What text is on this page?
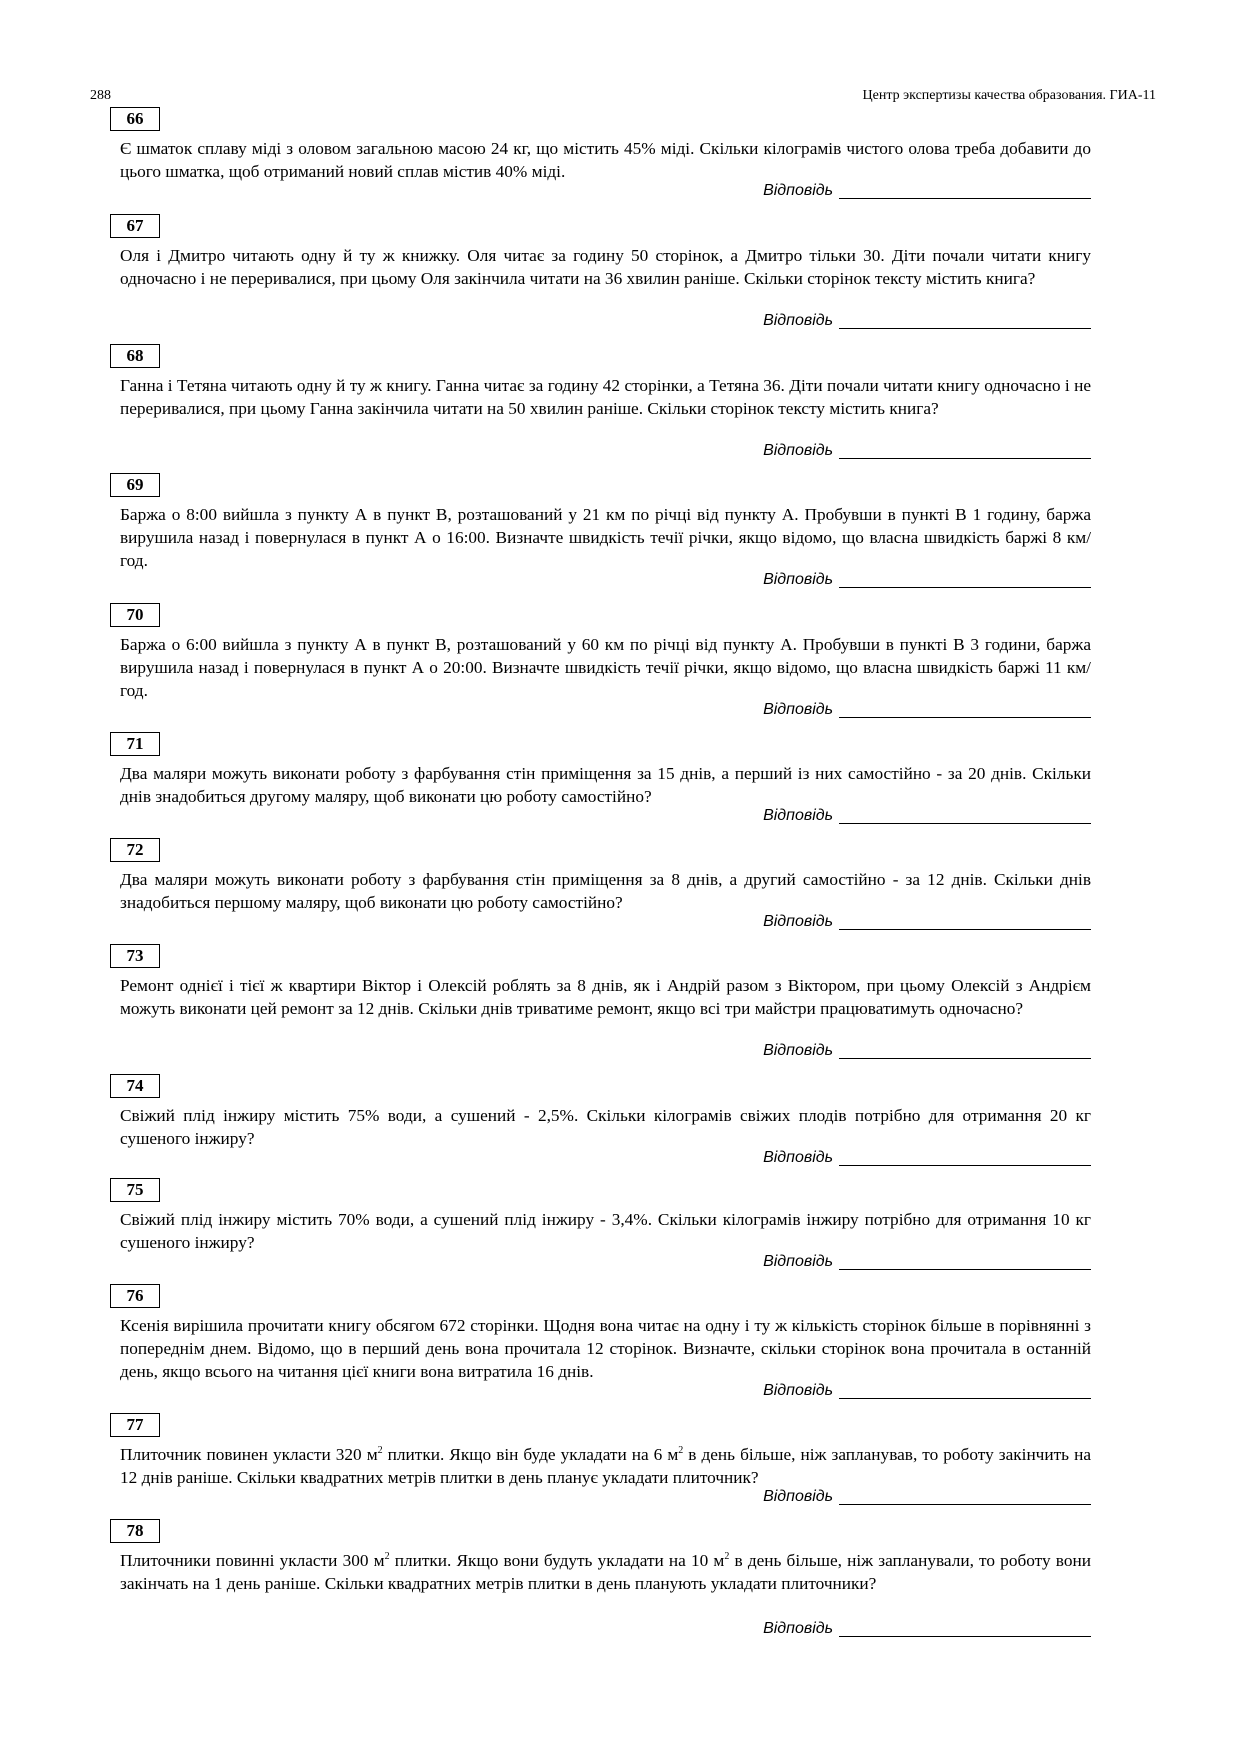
288	Центр экспертизы качества образования. ГИА-11
66

Є шматок сплаву міді з оловом загальною масою 24 кг, що містить 45% міді. Скільки кілограмів чистого олова треба добавити до цього шматка, щоб отриманий новий сплав містив 40% міді.

Відповідь
67

Оля і Дмитро читають одну й ту ж книжку. Оля читає за годину 50 сторінок, а Дмитро тільки 30. Діти почали читати книгу одночасно і не переривалися, при цьому Оля закінчила читати на 36 хвилин раніше. Скільки сторінок тексту містить книга?

Відповідь
68

Ганна і Тетяна читають одну й ту ж книгу. Ганна читає за годину 42 сторінки, а Тетяна 36. Діти почали читати книгу одночасно і не переривалися, при цьому Ганна закінчила читати на 50 хвилин раніше. Скільки сторінок тексту містить книга?

Відповідь
69

Баржа о 8:00 вийшла з пункту А в пункт В, розташований у 21 км по річці від пункту А. Пробувши в пункті В 1 годину, баржа вирушила назад і повернулася в пункт А о 16:00. Визначте швидкість течії річки, якщо відомо, що власна швидкість баржі 8 км/год.

Відповідь
70

Баржа о 6:00 вийшла з пункту А в пункт В, розташований у 60 км по річці від пункту А. Пробувши в пункті В 3 години, баржа вирушила назад і повернулася в пункт А о 20:00. Визначте швидкість течії річки, якщо відомо, що власна швидкість баржі 11 км/год.

Відповідь
71

Два маляри можуть виконати роботу з фарбування стін приміщення за 15 днів, а перший із них самостійно - за 20 днів. Скільки днів знадобиться другому маляру, щоб виконати цю роботу самостійно?

Відповідь
72

Два маляри можуть виконати роботу з фарбування стін приміщення за 8 днів, а другий самостійно - за 12 днів. Скільки днів знадобиться першому маляру, щоб виконати цю роботу самостійно?

Відповідь
73

Ремонт однієї і тієї ж квартири Віктор і Олексій роблять за 8 днів, як і Андрій разом з Віктором, при цьому Олексій з Андрієм можуть виконати цей ремонт за 12 днів. Скільки днів триватиме ремонт, якщо всі три майстри працюватимуть одночасно?

Відповідь
74

Свіжий плід інжиру містить 75% води, а сушений - 2,5%. Скільки кілограмів свіжих плодів потрібно для отримання 20 кг сушеного інжиру?

Відповідь
75

Свіжий плід інжиру містить 70% води, а сушений плід інжиру - 3,4%. Скільки кілограмів інжиру потрібно для отримання 10 кг сушеного інжиру?

Відповідь
76

Ксенія вирішила прочитати книгу обсягом 672 сторінки. Щодня вона читає на одну і ту ж кількість сторінок більше в порівнянні з попереднім днем. Відомо, що в перший день вона прочитала 12 сторінок. Визначте, скільки сторінок вона прочитала в останній день, якщо всього на читання цієї книги вона витратила 16 днів.

Відповідь
77

Плиточник повинен укласти 320 $м^2$ плитки. Якщо він буде укладати на 6 $м^2$ в день більше, ніж запланував, то роботу закінчить на 12 днів раніше. Скільки квадратних метрів плитки в день планує укладати плиточник?

Відповідь
78

Плиточники повинні укласти 300 $м^2$ плитки. Якщо вони будуть укладати на 10 $м^2$ в день більше, ніж запланували, то роботу вони закінчать на 1 день раніше. Скільки квадратних метрів плитки в день планують укладати плиточники?

Відповідь
